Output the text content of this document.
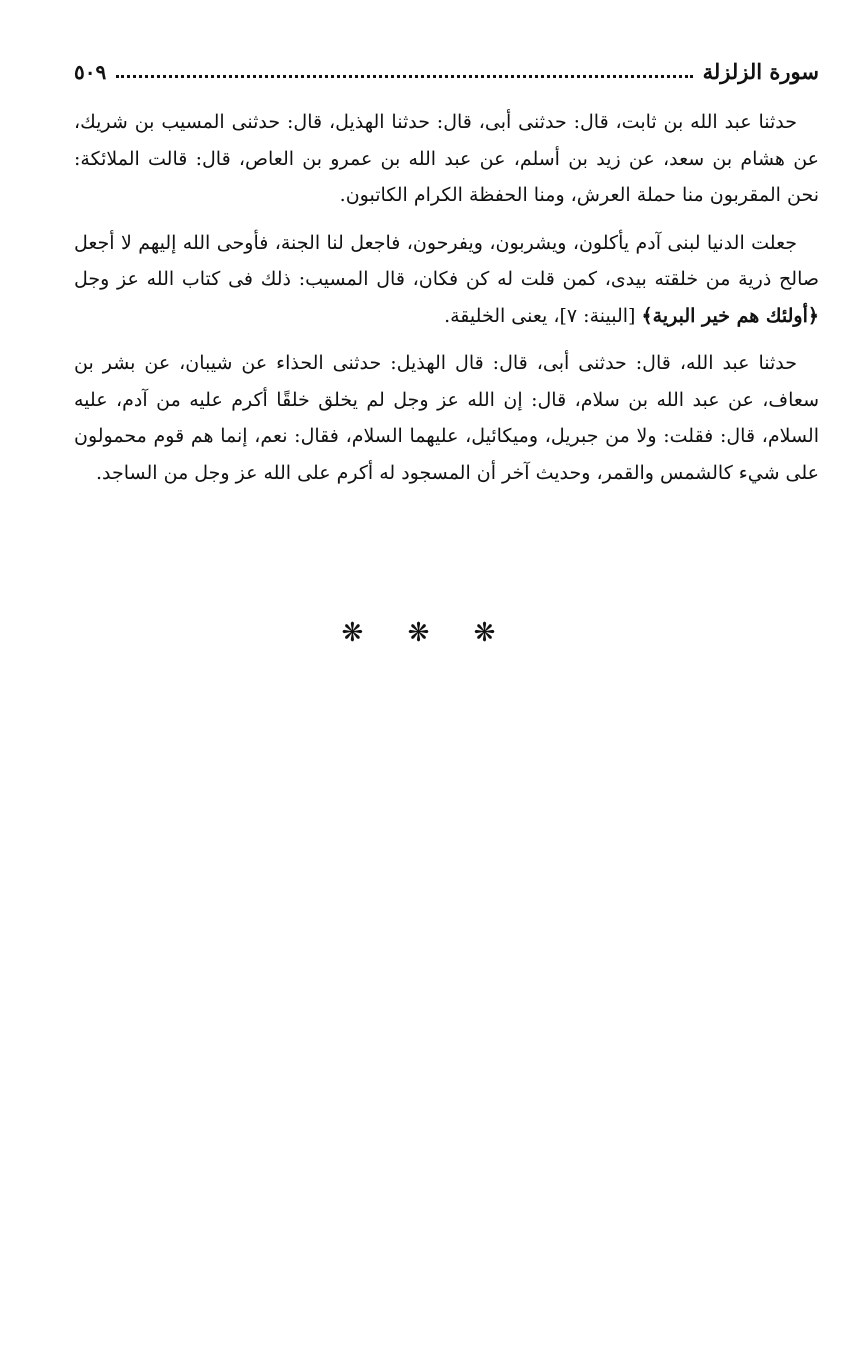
سورة الزلزلة
٥٠٩

حدثنا عبد الله بن ثابت، قال: حدثنى أبى، قال: حدثنا الهذيل، قال: حدثنى المسيب بن شريك، عن هشام بن سعد، عن زيد بن أسلم، عن عبد الله بن عمرو بن العاص، قال: قالت الملائكة: نحن المقربون منا حملة العرش، ومنا الحفظة الكرام الكاتبون.

جعلت الدنيا لبنى آدم يأكلون، ويشربون، ويفرحون، فاجعل لنا الجنة، فأوحى الله إليهم لا أجعل صالح ذرية من خلقته بيدى، كمن قلت له كن فكان، قال المسيب: ذلك فى كتاب الله عز وجل ﴿أولئك هم خير البرية﴾ [البينة: ٧]، يعنى الخليقة.

حدثنا عبد الله، قال: حدثنى أبى، قال: قال الهذيل: حدثنى الحذاء عن شيبان، عن بشر بن سعاف، عن عبد الله بن سلام، قال: إن الله عز وجل لم يخلق خلقًا أكرم عليه من آدم، عليه السلام، قال: فقلت: ولا من جبريل، وميكائيل، عليهما السلام، فقال: نعم، إنما هم قوم محمولون على شيء كالشمس والقمر، وحديث آخر أن المسجود له أكرم على الله عز وجل من الساجد.

❋ ❋ ❋
